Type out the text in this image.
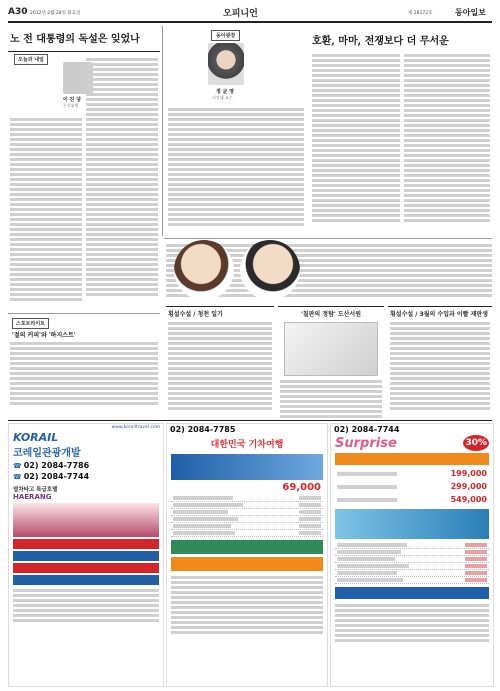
A30 2012년 2월 28일 화요일	오피니언	제 28172호	동아일보
노 전 대통령의 독설은 잊었나
오늘과 내일
이 진 녕
논설위원
스포트라이트
'절의 커피'와 '하지스트'
동아광장
정 균 영
서강대 교수
호환, 마마, 전쟁보다 더 무서운
횡설수설 / 청천 일기	'칠판의 정탐' 도산서원	횡설수설 / 3월의 수입과 이빨 재판생
www.korailtravel.com
KORAIL
코레일관광개발
☎ 02) 2084-7786
☎ 02) 2084-7744
열차타고 특급호텔
HAERANG
02) 2084-7785
대한민국 기차여행
69,000
02) 2084-7744
Surprise	30%
199,000
299,000
549,000
